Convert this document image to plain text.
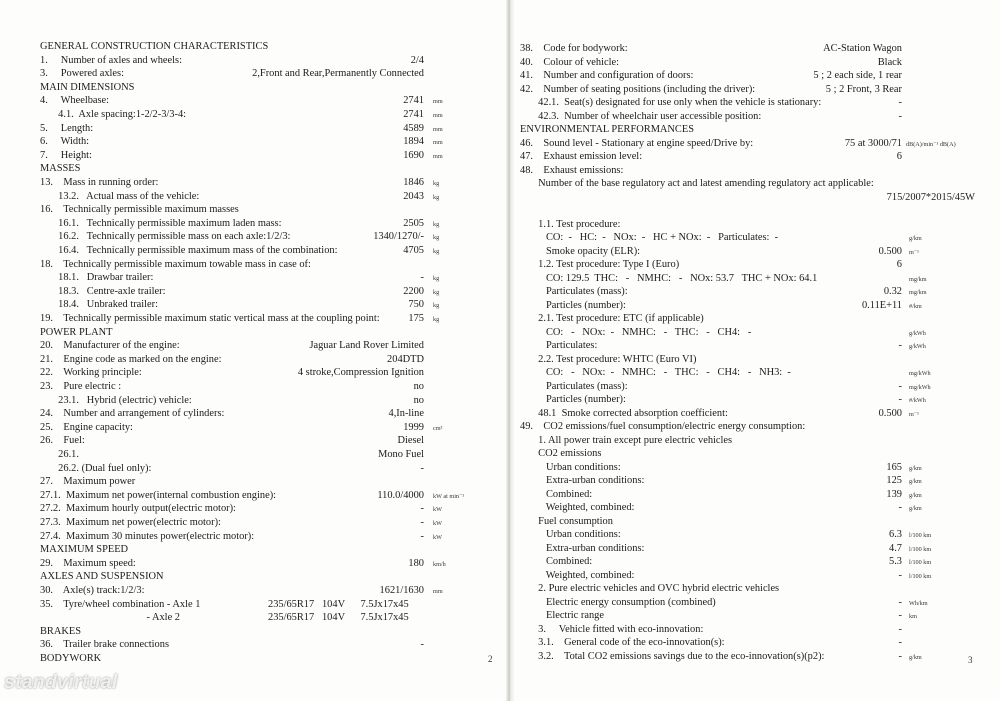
GENERAL CONSTRUCTION CHARACTERISTICS
1.     Number of axles and wheels:	2/4
3.     Powered axles:	2,Front and Rear,Permanently Connected
MAIN DIMENSIONS
4.     Wheelbase:	2741 mm
4.1.  Axle spacing:1-2/2-3/3-4:	2741 mm
5.     Length:	4589 mm
6.     Width:	1894 mm
7.     Height:	1690 mm
MASSES
13.    Mass in running order:	1846 kg
13.2.   Actual mass of the vehicle:	2043 kg
16.    Technically permissible maximum masses
16.1.   Technically permissible maximum laden mass:	2505 kg
16.2.   Technically permissible mass on each axle:1/2/3:	1340/1270/- kg
16.4.   Technically permissible maximum mass of the combination:	4705 kg
18.    Technically permissible maximum towable mass in case of:
18.1.   Drawbar trailer:	- kg
18.3.   Centre-axle trailer:	2200 kg
18.4.   Unbraked trailer:	750 kg
19.    Technically permissible maximum static vertical mass at the coupling point:	175 kg
POWER PLANT
20.    Manufacturer of the engine:	Jaguar Land Rover Limited
21.    Engine code as marked on the engine:	204DTD
22.    Working principle:	4 stroke,Compression Ignition
23.    Pure electric :	no
23.1.   Hybrid (electric) vehicle:	no
24.    Number and arrangement of cylinders:	4,In-line
25.    Engine capacity:	1999 cm³
26.    Fuel:	Diesel
26.1.	Mono Fuel
26.2. (Dual fuel only):	-
27.    Maximum power
27.1.  Maximum net power(internal combustion engine):	110.0/4000 kW at min⁻¹
27.2.  Maximum hourly output(electric motor):	- kW
27.3.  Maximum net power(electric motor):	- kW
27.4.  Maximum 30 minutes power(electric motor):	- kW
MAXIMUM SPEED
29.    Maximum speed:	180 km/h
AXLES AND SUSPENSION
30.    Axle(s) track:1/2/3:	1621/1630 mm
35.    Tyre/wheel combination - Axle 1	235/65R17   104V      7.5Jx17x45
- Axle 2	235/65R17   104V      7.5Jx17x45
BRAKES
36.    Trailer brake connections	-
BODYWORK
38.    Code for bodywork:	AC-Station Wagon
40.    Colour of vehicle:	Black
41.    Number and configuration of doors:	5 ; 2 each side, 1 rear
42.    Number of seating positions (including the driver):	5 ; 2 Front, 3 Rear
42.1.  Seat(s) designated for use only when the vehicle is stationary:	-
42.3.  Number of wheelchair user accessible position:	-
ENVIRONMENTAL PERFORMANCES
46.    Sound level - Stationary at engine speed/Drive by:	75 at 3000/71 dB(A)/min⁻¹ dB(A)
47.    Exhaust emission level:	6
48.    Exhaust emissions:
Number of the base regulatory act and latest amending regulatory act applicable:
715/2007*2015/45W
1.1. Test procedure:
CO:  -   HC:  -   NOx:  -   HC + NOx:  -   Particulates:  -	g/km
Smoke opacity (ELR):	0.500 m⁻¹
1.2. Test procedure: Type I (Euro)	6
CO: 129.5  THC:   -   NMHC:   -   NOx: 53.7   THC + NOx: 64.1	mg/km
Particulates (mass):	0.32 mg/km
Particles (number):	0.11E+11 #/km
2.1. Test procedure: ETC (if applicable)
CO:   -   NOx:  -   NMHC:   -   THC:   -   CH4:   -	g/kWh
Particulates:	- g/kWh
2.2. Test procedure: WHTC (Euro VI)
CO:   -   NOx:  -   NMHC:   -   THC:   -   CH4:   -   NH3:  -	mg/kWh
Particulates (mass):	- mg/kWh
Particles (number):	- #/kWh
48.1  Smoke corrected absorption coefficient:	0.500 m⁻¹
49.    CO2 emissions/fuel consumption/electric energy consumption:
1. All power train except pure electric vehicles
CO2 emissions
Urban conditions:	165 g/km
Extra-urban conditions:	125 g/km
Combined:	139 g/km
Weighted, combined:	- g/km
Fuel consumption
Urban conditions:	6.3 l/100 km
Extra-urban conditions:	4.7 l/100 km
Combined:	5.3 l/100 km
Weighted, combined:	- l/100 km
2. Pure electric vehicles and OVC hybrid electric vehicles
Electric energy consumption (combined)	- Wh/km
Electric range	- km
3.     Vehicle fitted with eco-innovation:	-
3.1.    General code of the eco-innovation(s):	-
3.2.    Total CO2 emissions savings due to the eco-innovation(s)(p2):	- g/km
2	3
standvirtual
